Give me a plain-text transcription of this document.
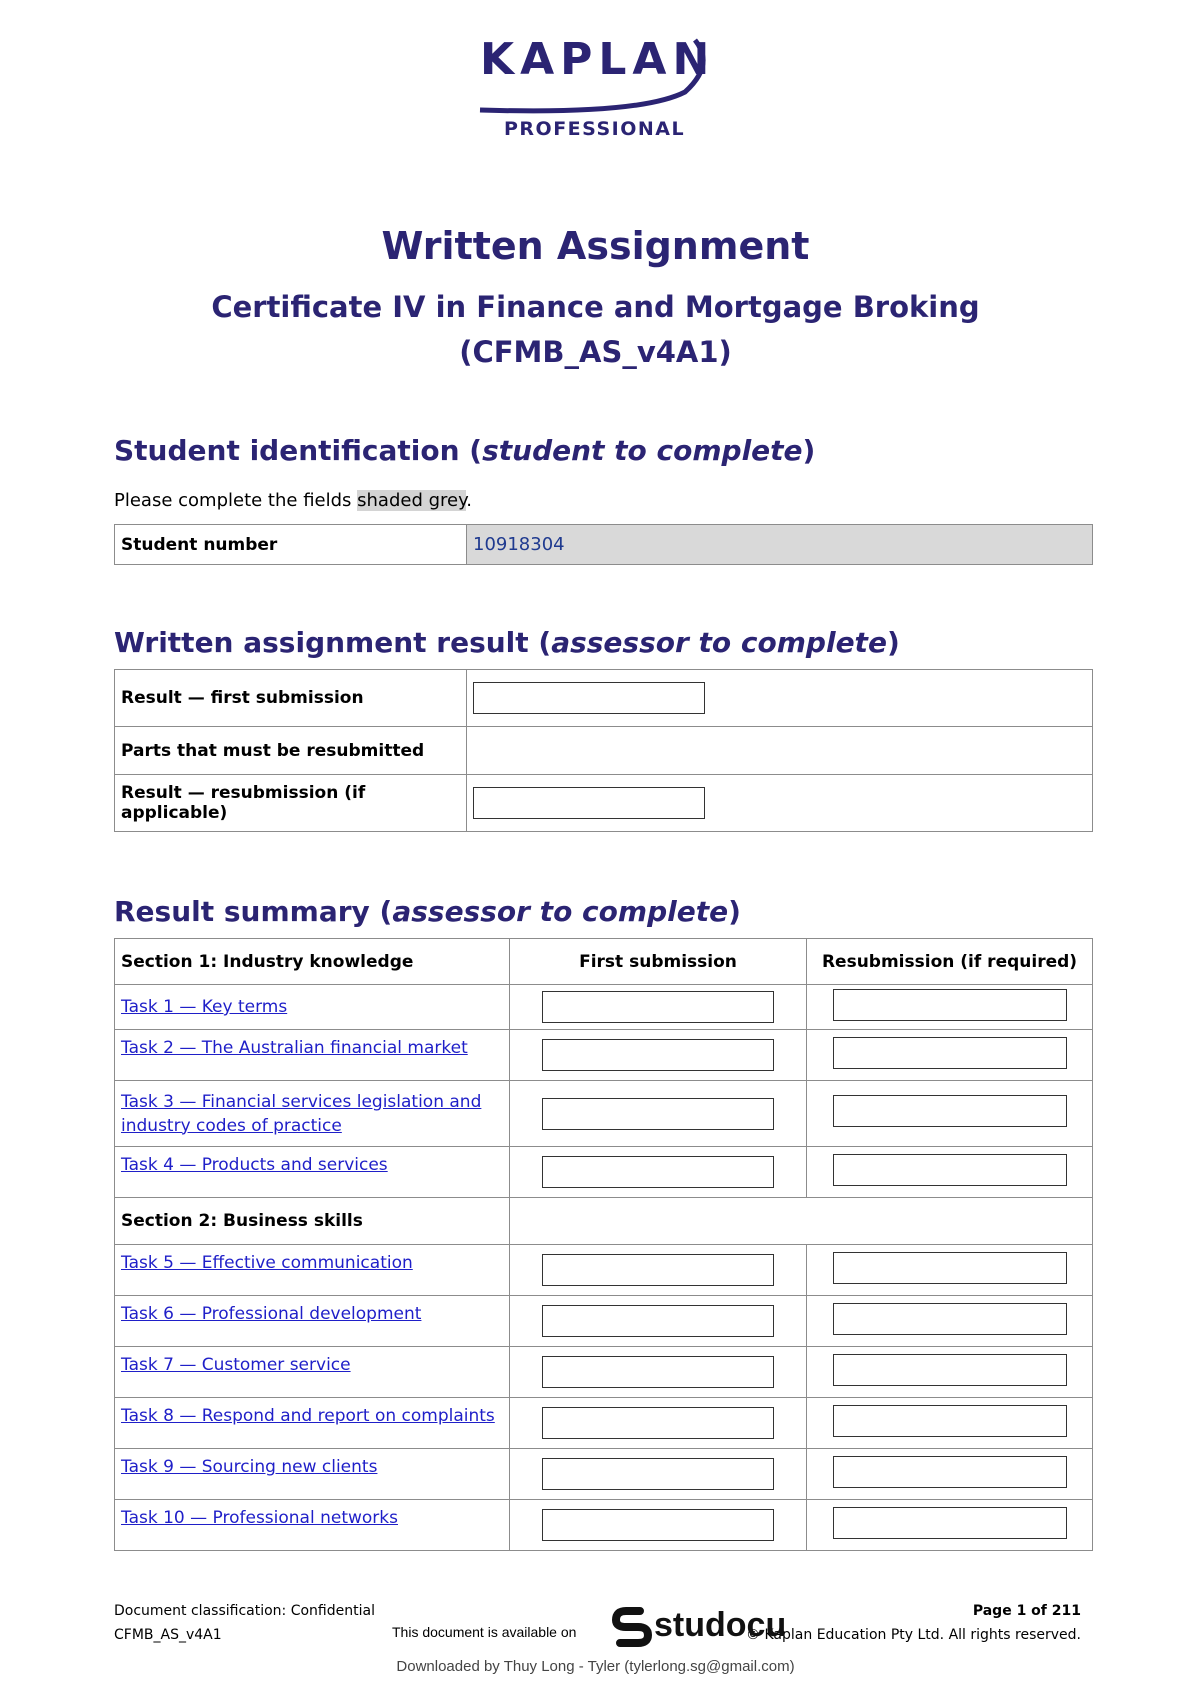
KAPLAN
PROFESSIONAL
Written Assignment
Certificate IV in Finance and Mortgage Broking
(CFMB_AS_v4A1)
Student identification (student to complete)
Please complete the fields shaded grey.
Student number	10918304
Written assignment result (assessor to complete)
Result — first submission	
Parts that must be resubmitted	
Result — resubmission (if applicable)	
Result summary (assessor to complete)
Section 1: Industry knowledge	First submission	Resubmission (if required)
Task 1 — Key terms		
Task 2 — The Australian financial market		
Task 3 — Financial services legislation and industry codes of practice		
Task 4 — Products and services		
Section 2: Business skills		
Task 5 — Effective communication		
Task 6 — Professional development		
Task 7 — Customer service		
Task 8 — Respond and report on complaints		
Task 9 — Sourcing new clients		
Task 10 — Professional networks		
Document classification: Confidential
CFMB_AS_v4A1
Page 1 of 211
© Kaplan Education Pty Ltd. All rights reserved.
This document is available on	studocu
Downloaded by Thuy Long - Tyler (tylerlong.sg@gmail.com)
